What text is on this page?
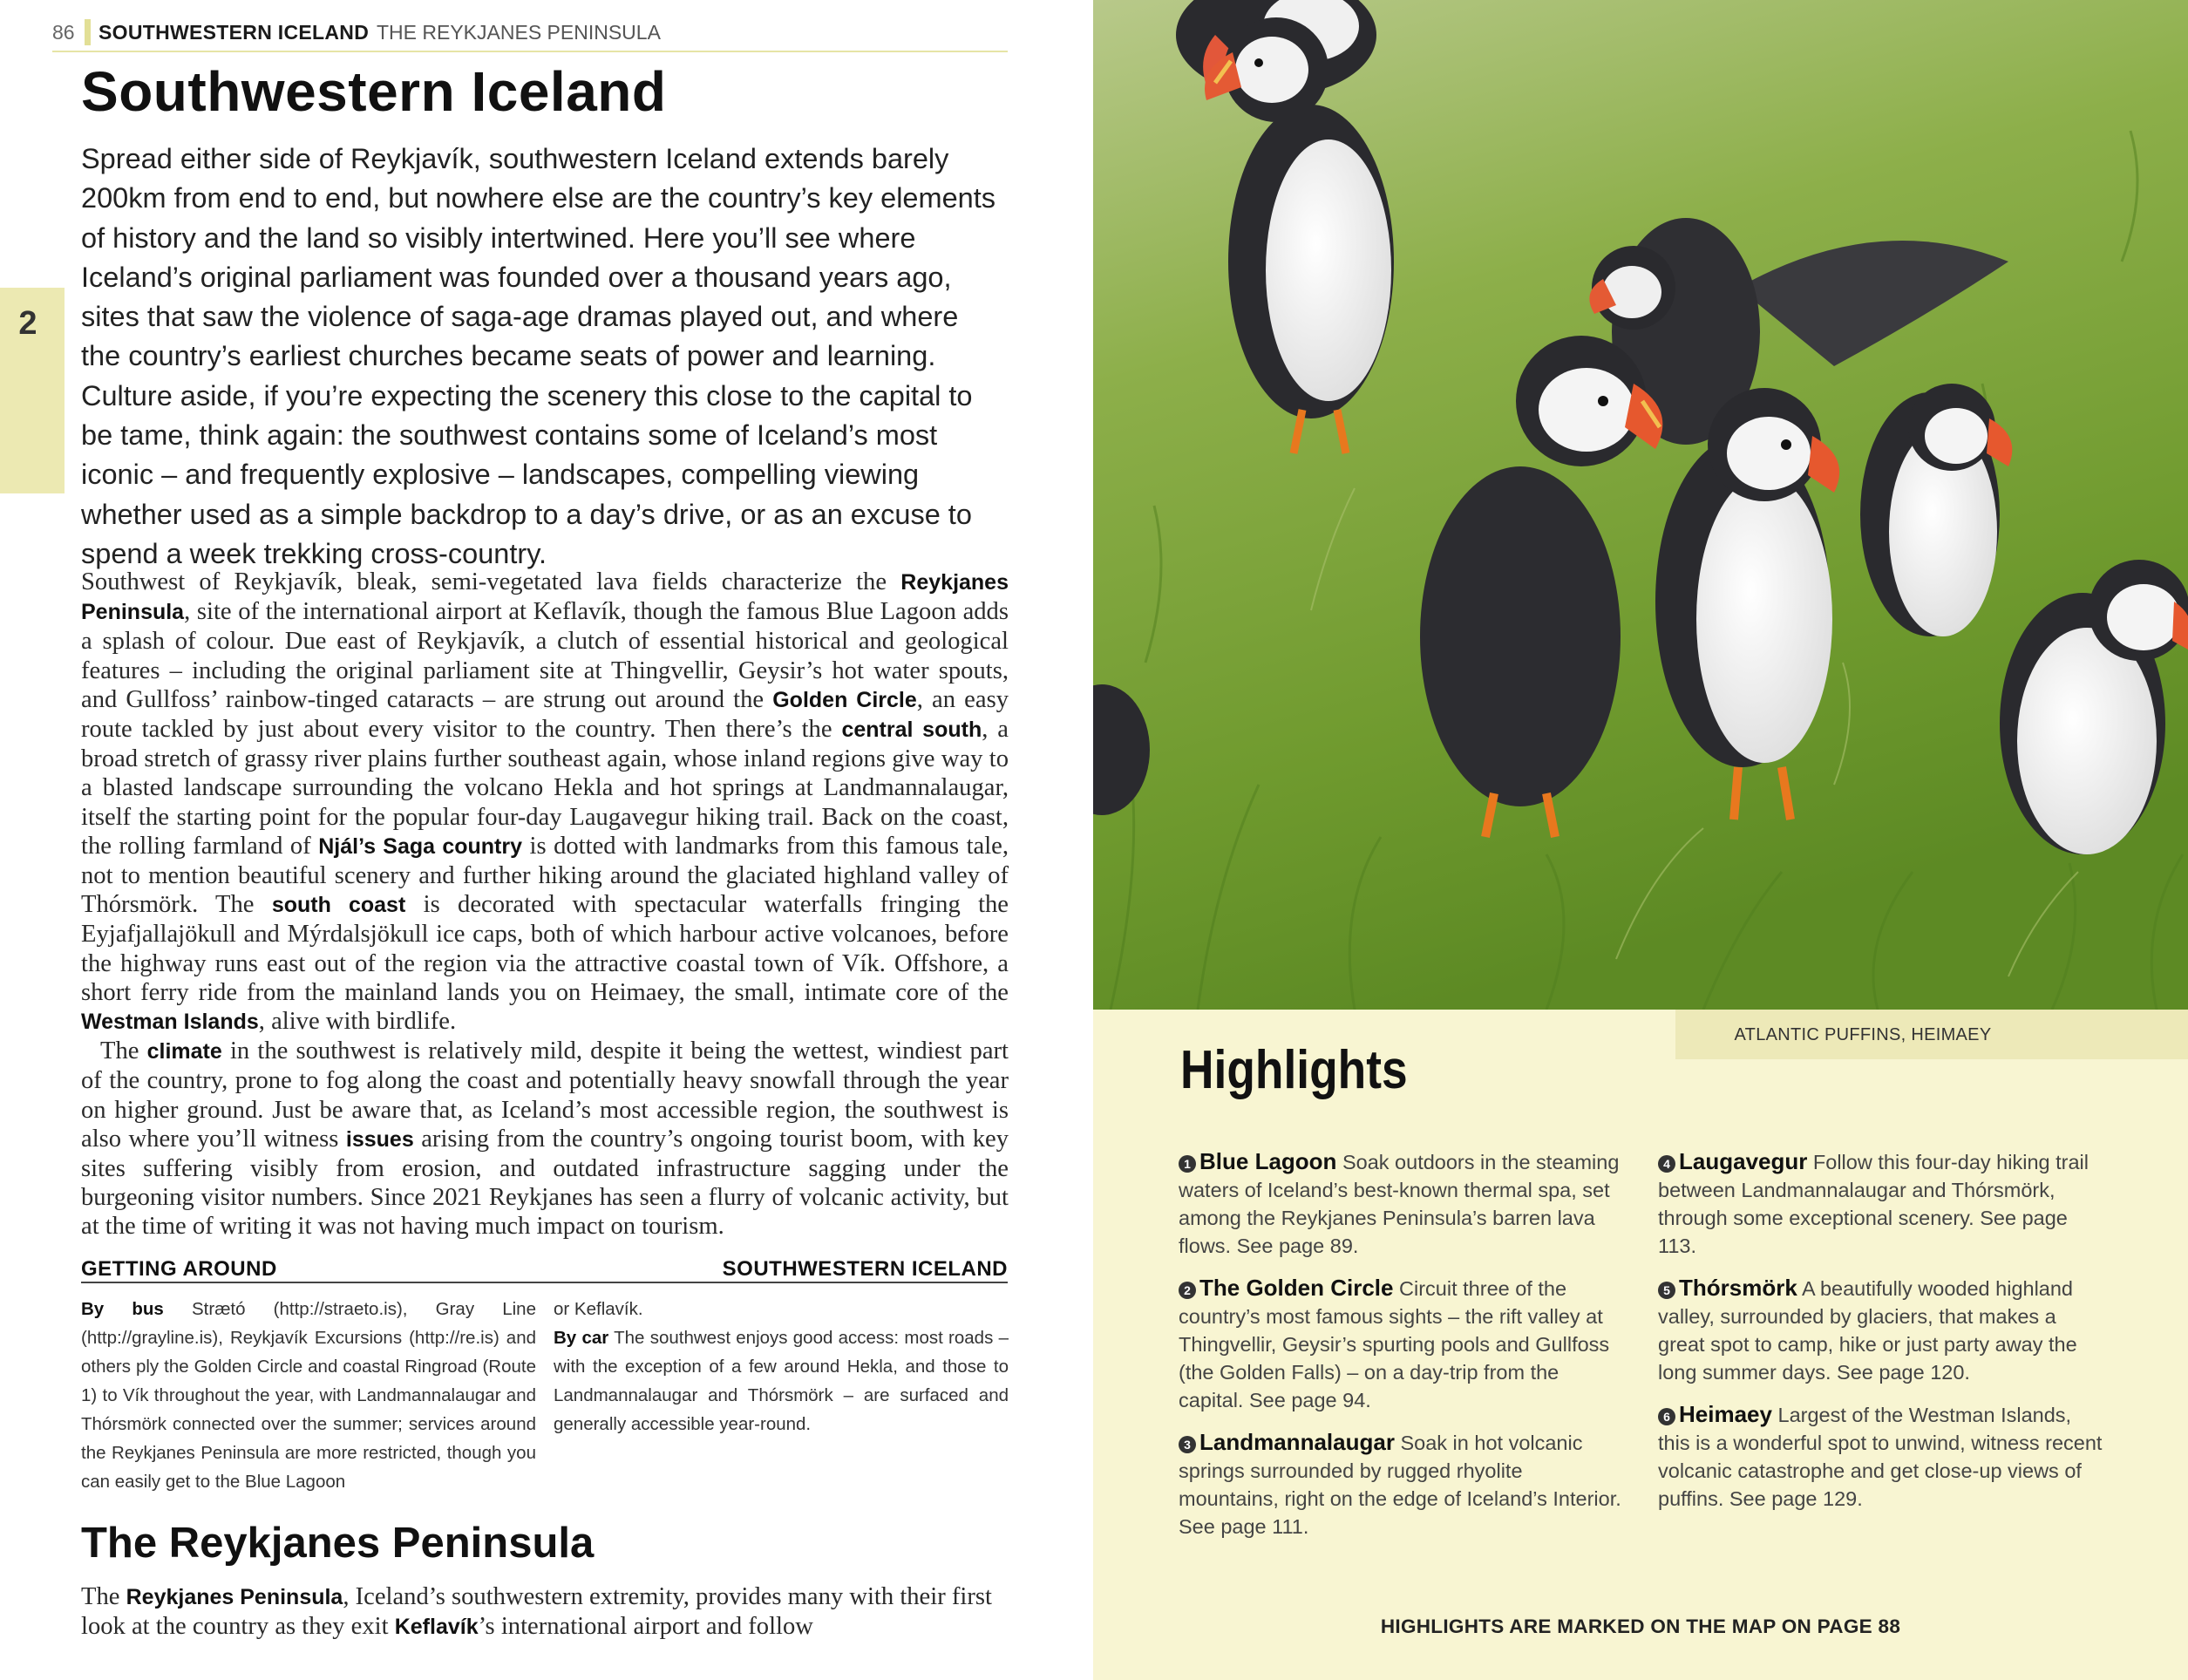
86 SOUTHWESTERN ICELAND THE REYKJANES PENINSULA
2
Southwestern Iceland

Spread either side of Reykjavík, southwestern Iceland extends barely 200km from end to end, but nowhere else are the country’s key elements of history and the land so visibly intertwined. Here you’ll see where Iceland’s original parliament was founded over a thousand years ago, sites that saw the violence of saga-age dramas played out, and where the country’s earliest churches became seats of power and learning. Culture aside, if you’re expecting the scenery this close to the capital to be tame, think again: the southwest contains some of Iceland’s most iconic – and frequently explosive – landscapes, compelling viewing whether used as a simple backdrop to a day’s drive, or as an excuse to spend a week trekking cross-country.

Southwest of Reykjavík, bleak, semi-vegetated lava fields characterize the Reykjanes Peninsula, site of the international airport at Keflavík, though the famous Blue Lagoon adds a splash of colour. Due east of Reykjavík, a clutch of essential historical and geological features – including the original parliament site at Thingvellir, Geysir’s hot water spouts, and Gullfoss’ rainbow-tinged cataracts – are strung out around the Golden Circle, an easy route tackled by just about every visitor to the country. Then there’s the central south, a broad stretch of grassy river plains further southeast again, whose inland regions give way to a blasted landscape surrounding the volcano Hekla and hot springs at Landmannalaugar, itself the starting point for the popular four-day Laugavegur hiking trail. Back on the coast, the rolling farmland of Njál’s Saga country is dotted with landmarks from this famous tale, not to mention beautiful scenery and further hiking around the glaciated highland valley of Thórsmörk. The south coast is decorated with spectacular waterfalls fringing the Eyjafjallajökull and Mýrdalsjökull ice caps, both of which harbour active volcanoes, before the highway runs east out of the region via the attractive coastal town of Vík. Offshore, a short ferry ride from the mainland lands you on Heimaey, the small, intimate core of the Westman Islands, alive with birdlife.

The climate in the southwest is relatively mild, despite it being the wettest, windiest part of the country, prone to fog along the coast and potentially heavy snowfall through the year on higher ground. Just be aware that, as Iceland’s most accessible region, the southwest is also where you’ll witness issues arising from the country’s ongoing tourist boom, with key sites suffering visibly from erosion, and outdated infrastructure sagging under the burgeoning visitor numbers. Since 2021 Reykjanes has seen a flurry of volcanic activity, but at the time of writing it was not having much impact on tourism.

GETTING AROUND	SOUTHWESTERN ICELAND

By bus Strætó (http://straeto.is), Gray Line (http://grayline.is), Reykjavík Excursions (http://re.is) and others ply the Golden Circle and coastal Ringroad (Route 1) to Vík throughout the year, with Landmannalaugar and Thórsmörk connected over the summer; services around the Reykjanes Peninsula are more restricted, though you can easily get to the Blue Lagoon

or Keflavík.

By car The southwest enjoys good access: most roads – with the exception of a few around Hekla, and those to Landmannalaugar and Thórsmörk – are surfaced and generally accessible year-round.

The Reykjanes Peninsula

The Reykjanes Peninsula, Iceland’s southwestern extremity, provides many with their first look at the country as they exit Keflavík’s international airport and follow

ATLANTIC PUFFINS, HEIMAEY
Highlights

1 Blue Lagoon Soak outdoors in the steaming waters of Iceland’s best-known thermal spa, set among the Reykjanes Peninsula’s barren lava flows. See page 89.

2 The Golden Circle Circuit three of the country’s most famous sights – the rift valley at Thingvellir, Geysir’s spurting pools and Gullfoss (the Golden Falls) – on a day-trip from the capital. See page 94.

3 Landmannalaugar Soak in hot volcanic springs surrounded by rugged rhyolite mountains, right on the edge of Iceland’s Interior. See page 111.

4 Laugavegur Follow this four-day hiking trail between Landmannalaugar and Thórsmörk, through some exceptional scenery. See page 113.

5 Thórsmörk A beautifully wooded highland valley, surrounded by glaciers, that makes a great spot to camp, hike or just party away the long summer days. See page 120.

6 Heimaey Largest of the Westman Islands, this is a wonderful spot to unwind, witness recent volcanic catastrophe and get close-up views of puffins. See page 129.

HIGHLIGHTS ARE MARKED ON THE MAP ON PAGE 88
